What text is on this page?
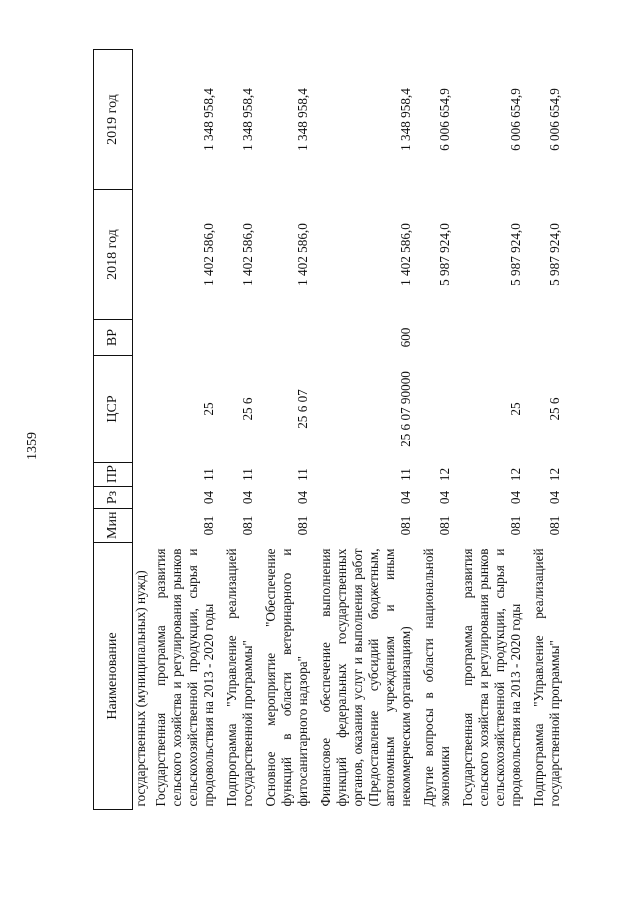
1359
Наименование	Мин	Рз	ПР	ЦСР	ВР	2018 год	2019 год
государственных (муниципальных) нужд)							
Государственная программа развития сельского хозяйства и регулирования рынков сельскохозяйственной продукции, сырья и продовольствия на 2013 - 2020 годы	081	04	11	25		1 402 586,0	1 348 958,4
Подпрограмма "Управление реализацией государственной программы"	081	04	11	25 6		1 402 586,0	1 348 958,4
Основное мероприятие "Обеспечение функций в области ветеринарного и фитосанитарного надзора"	081	04	11	25 6 07		1 402 586,0	1 348 958,4
Финансовое обеспечение выполнения функций федеральных государственных органов, оказания услуг и выполнения работ (Предоставление субсидий бюджетным, автономным учреждениям и иным некоммерческим организациям)	081	04	11	25 6 07 90000	600	1 402 586,0	1 348 958,4
Другие вопросы в области национальной экономики	081	04	12			5 987 924,0	6 006 654,9
Государственная программа развития сельского хозяйства и регулирования рынков сельскохозяйственной продукции, сырья и продовольствия на 2013 - 2020 годы	081	04	12	25		5 987 924,0	6 006 654,9
Подпрограмма "Управление реализацией государственной программы"	081	04	12	25 6		5 987 924,0	6 006 654,9
